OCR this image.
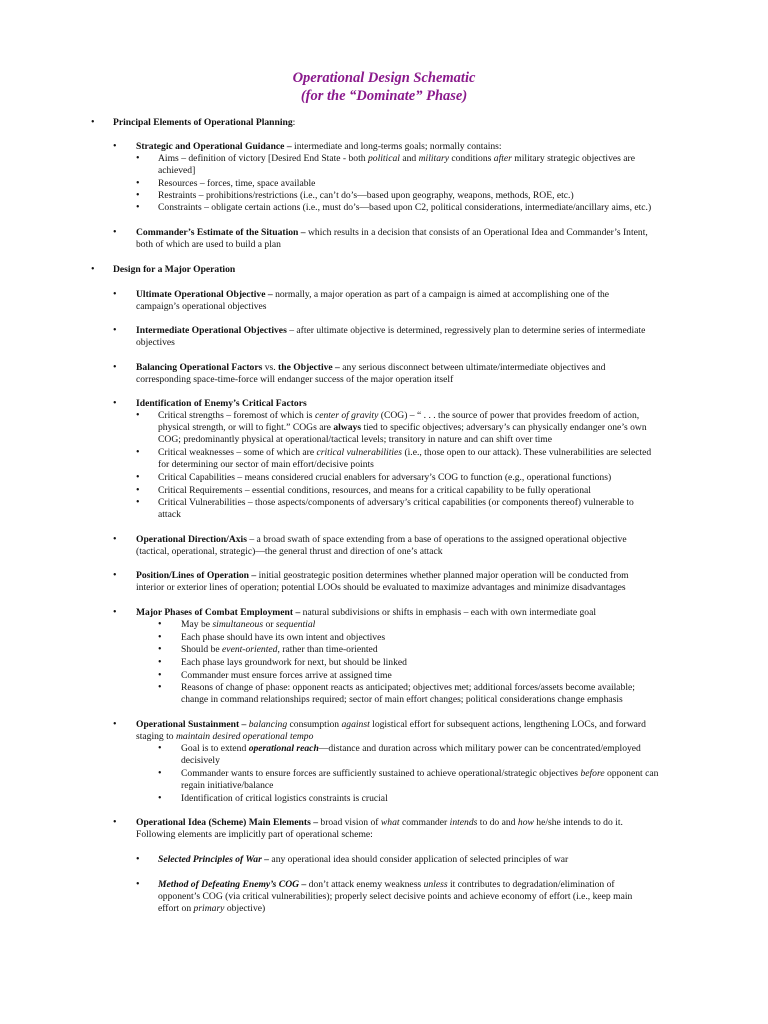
Operational Design Schematic
(for the “Dominate” Phase)
• Principal Elements of Operational Planning:
• Strategic and Operational Guidance – intermediate and long-terms goals; normally contains:
• Aims – definition of victory [Desired End State - both political and military conditions after military strategic objectives are
achieved]
• Resources – forces, time, space available
• Restraints – prohibitions/restrictions (i.e., can’t do’s—based upon geography, weapons, methods, ROE, etc.)
• Constraints – obligate certain actions (i.e., must do’s—based upon C2, political considerations, intermediate/ancillary aims, etc.)
• Commander’s Estimate of the Situation – which results in a decision that consists of an Operational Idea and Commander’s Intent,
both of which are used to build a plan
• Design for a Major Operation
• Ultimate Operational Objective – normally, a major operation as part of a campaign is aimed at accomplishing one of the
campaign’s operational objectives
• Intermediate Operational Objectives – after ultimate objective is determined, regressively plan to determine series of intermediate
objectives
• Balancing Operational Factors vs. the Objective – any serious disconnect between ultimate/intermediate objectives and
corresponding space-time-force will endanger success of the major operation itself
• Identification of Enemy’s Critical Factors
• Critical strengths – foremost of which is center of gravity (COG) – “ . . . the source of power that provides freedom of action,
physical strength, or will to fight.” COGs are always tied to specific objectives; adversary’s can physically endanger one’s own
COG; predominantly physical at operational/tactical levels; transitory in nature and can shift over time
• Critical weaknesses – some of which are critical vulnerabilities (i.e., those open to our attack). These vulnerabilities are selected
for determining our sector of main effort/decisive points
• Critical Capabilities – means considered crucial enablers for adversary’s COG to function (e.g., operational functions)
• Critical Requirements – essential conditions, resources, and means for a critical capability to be fully operational
• Critical Vulnerabilities – those aspects/components of adversary’s critical capabilities (or components thereof) vulnerable to
attack
• Operational Direction/Axis – a broad swath of space extending from a base of operations to the assigned operational objective
(tactical, operational, strategic)—the general thrust and direction of one’s attack
• Position/Lines of Operation – initial geostrategic position determines whether planned major operation will be conducted from
interior or exterior lines of operation; potential LOOs should be evaluated to maximize advantages and minimize disadvantages
• Major Phases of Combat Employment – natural subdivisions or shifts in emphasis – each with own intermediate goal
• May be simultaneous or sequential
• Each phase should have its own intent and objectives
• Should be event-oriented, rather than time-oriented
• Each phase lays groundwork for next, but should be linked
• Commander must ensure forces arrive at assigned time
• Reasons of change of phase: opponent reacts as anticipated; objectives met; additional forces/assets become available;
change in command relationships required; sector of main effort changes; political considerations change emphasis
• Operational Sustainment – balancing consumption against logistical effort for subsequent actions, lengthening LOCs, and forward
staging to maintain desired operational tempo
• Goal is to extend operational reach—distance and duration across which military power can be concentrated/employed
decisively
• Commander wants to ensure forces are sufficiently sustained to achieve operational/strategic objectives before opponent can
regain initiative/balance
• Identification of critical logistics constraints is crucial
• Operational Idea (Scheme) Main Elements – broad vision of what commander intends to do and how he/she intends to do it.
Following elements are implicitly part of operational scheme:
• Selected Principles of War – any operational idea should consider application of selected principles of war
• Method of Defeating Enemy’s COG – don’t attack enemy weakness unless it contributes to degradation/elimination of
opponent’s COG (via critical vulnerabilities); properly select decisive points and achieve economy of effort (i.e., keep main
effort on primary objective)
